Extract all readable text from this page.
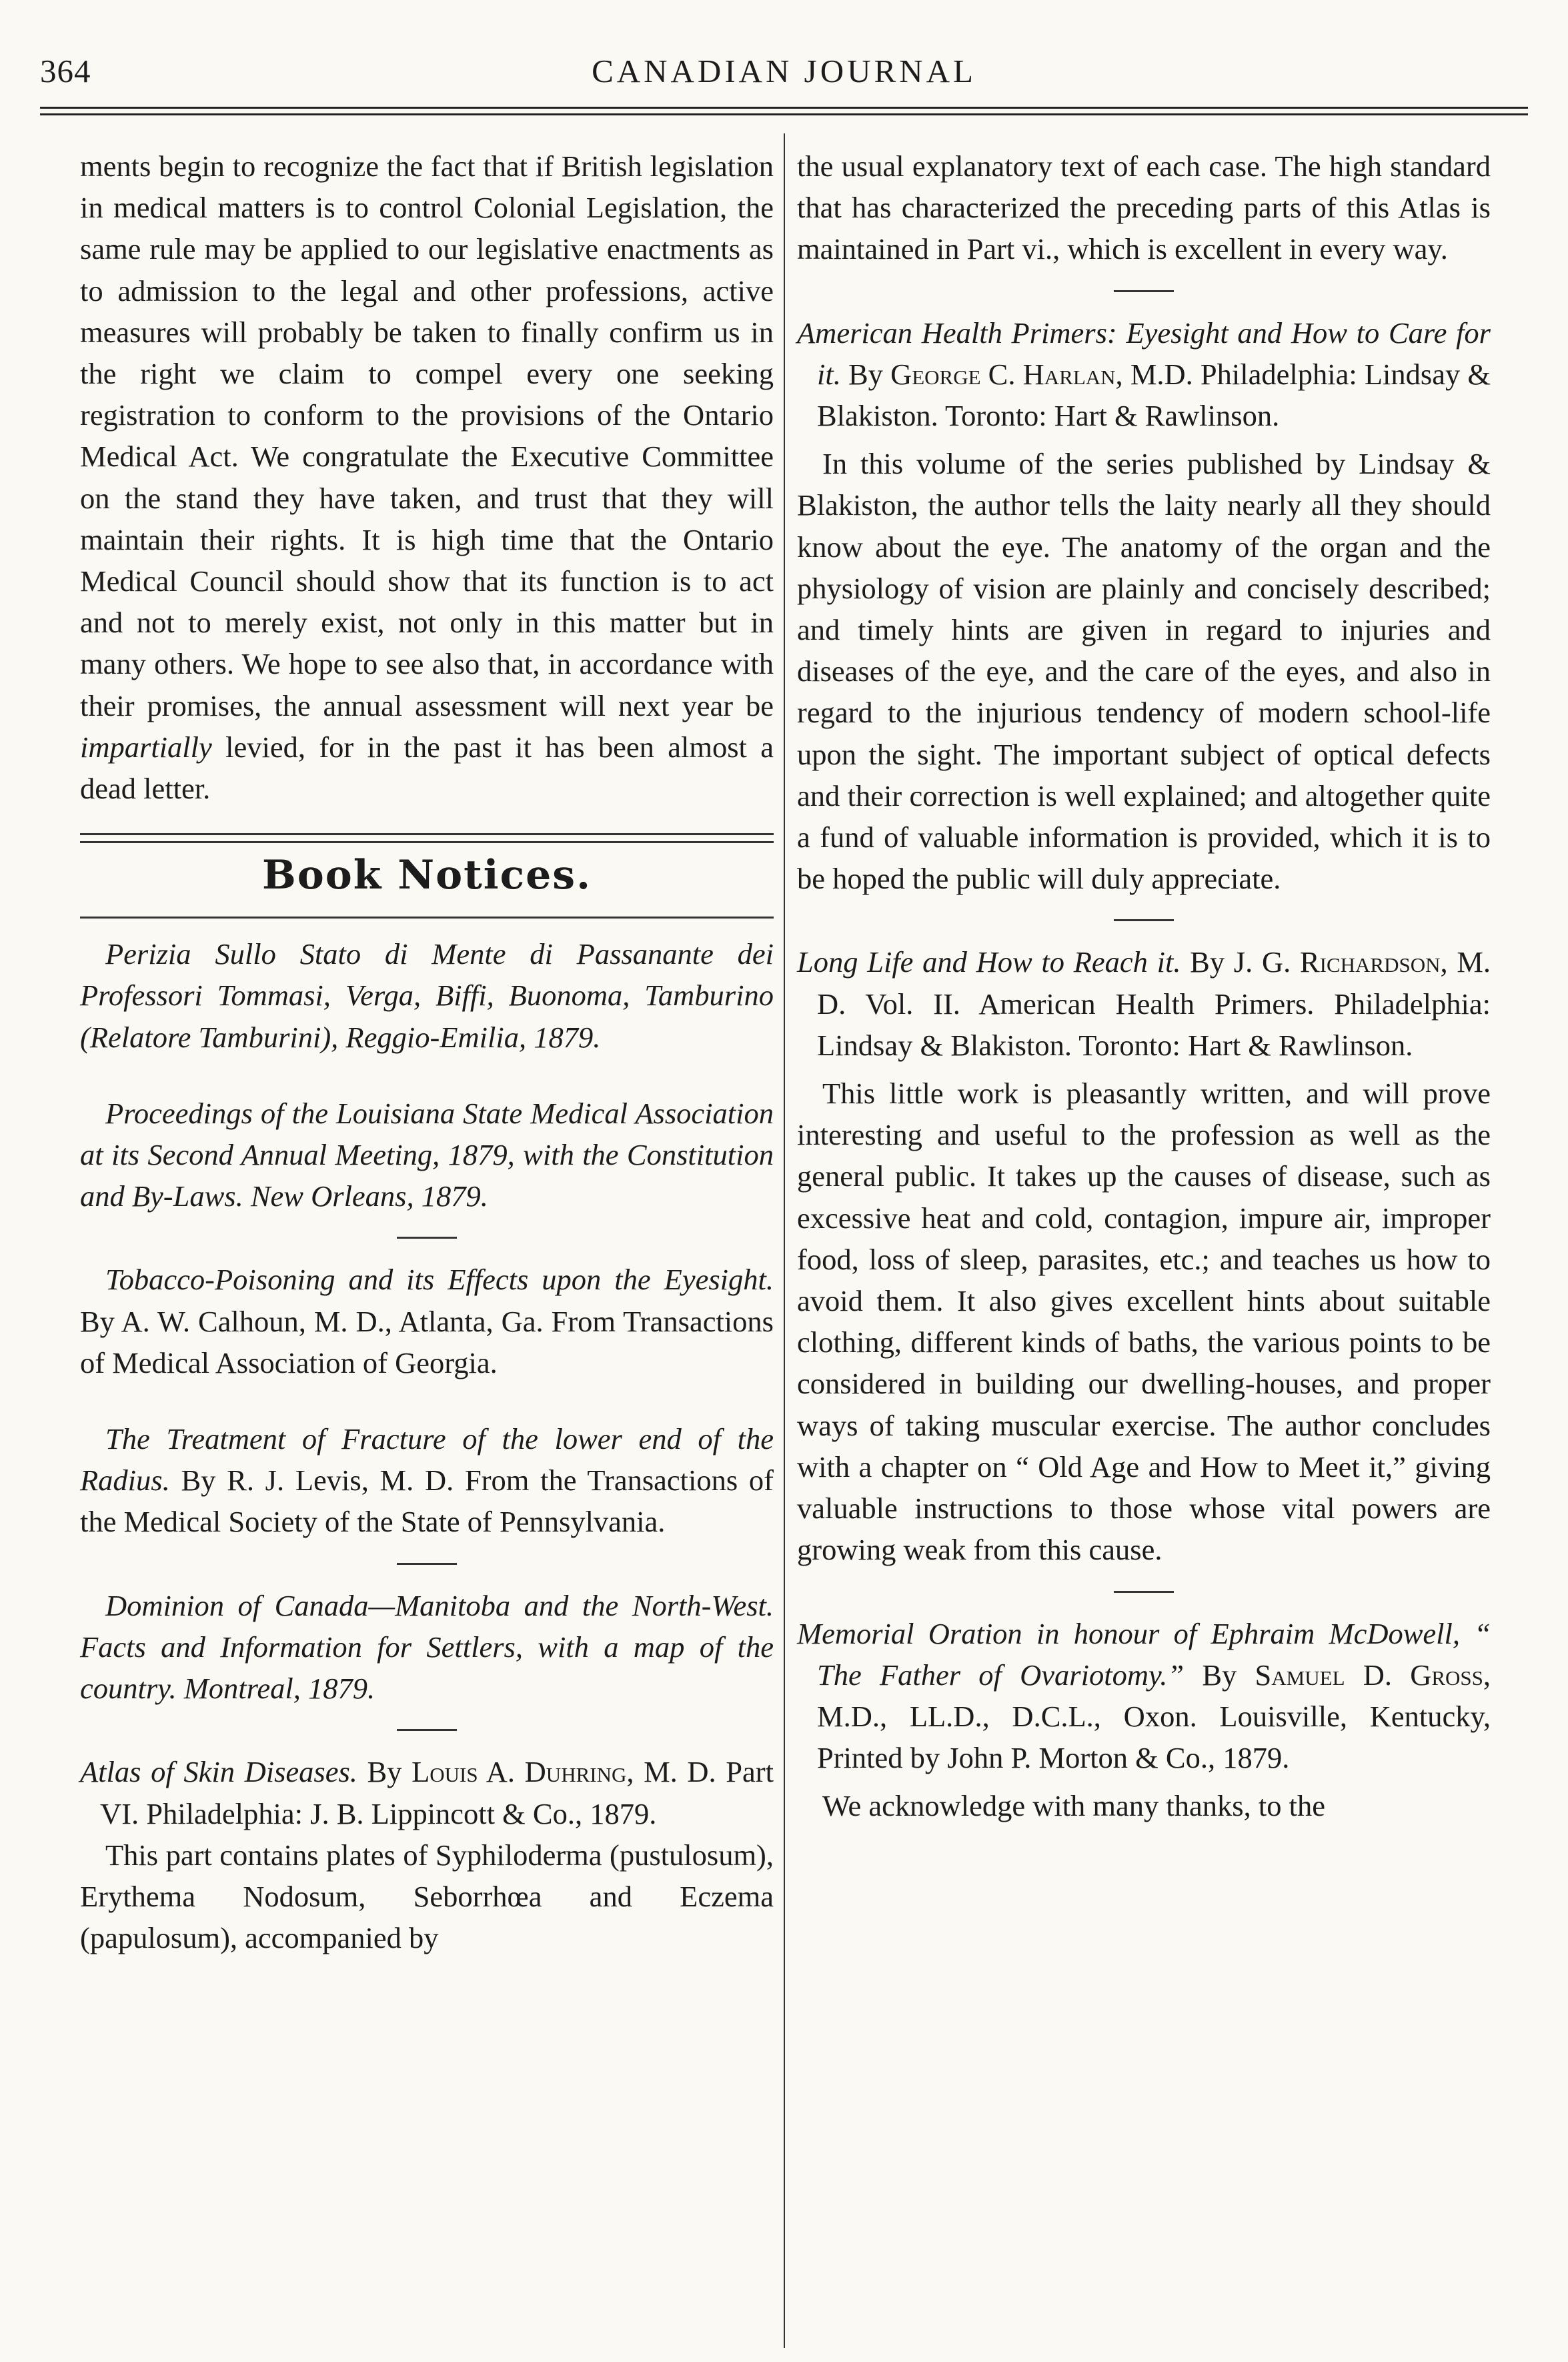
364	CANADIAN JOURNAL

ments begin to recognize the fact that if British legislation in medical matters is to control Colonial Legislation, the same rule may be applied to our legislative enactments as to admission to the legal and other professions, active measures will probably be taken to finally confirm us in the right we claim to compel every one seeking registration to conform to the provisions of the Ontario Medical Act. We congratulate the Executive Committee on the stand they have taken, and trust that they will maintain their rights. It is high time that the Ontario Medical Council should show that its function is to act and not to merely exist, not only in this matter but in many others. We hope to see also that, in accordance with their promises, the annual assessment will next year be impartially levied, for in the past it has been almost a dead letter.

Book Notices.

Perizia Sullo Stato di Mente di Passanante dei Professori Tommasi, Verga, Biffi, Buonoma, Tamburino (Relatore Tamburini), Reggio-Emilia, 1879.

Proceedings of the Louisiana State Medical Association at its Second Annual Meeting, 1879, with the Constitution and By-Laws. New Orleans, 1879.

Tobacco-Poisoning and its Effects upon the Eyesight. By A. W. Calhoun, M. D., Atlanta, Ga. From Transactions of Medical Association of Georgia.

The Treatment of Fracture of the lower end of the Radius. By R. J. Levis, M. D. From the Transactions of the Medical Society of the State of Pennsylvania.

Dominion of Canada—Manitoba and the North-West. Facts and Information for Settlers, with a map of the country. Montreal, 1879.

Atlas of Skin Diseases. By Louis A. Duhring, M. D. Part VI. Philadelphia: J. B. Lippincott & Co., 1879.

This part contains plates of Syphiloderma (pustulosum), Erythema Nodosum, Seborrhœa and Eczema (papulosum), accompanied by

the usual explanatory text of each case. The high standard that has characterized the preceding parts of this Atlas is maintained in Part vi., which is excellent in every way.

American Health Primers: Eyesight and How to Care for it. By George C. Harlan, M.D. Philadelphia: Lindsay & Blakiston. Toronto: Hart & Rawlinson.

In this volume of the series published by Lindsay & Blakiston, the author tells the laity nearly all they should know about the eye. The anatomy of the organ and the physiology of vision are plainly and concisely described; and timely hints are given in regard to injuries and diseases of the eye, and the care of the eyes, and also in regard to the injurious tendency of modern school-life upon the sight. The important subject of optical defects and their correction is well explained; and altogether quite a fund of valuable information is provided, which it is to be hoped the public will duly appreciate.

Long Life and How to Reach it. By J. G. Richardson, M. D. Vol. II. American Health Primers. Philadelphia: Lindsay & Blakiston. Toronto: Hart & Rawlinson.

This little work is pleasantly written, and will prove interesting and useful to the profession as well as the general public. It takes up the causes of disease, such as excessive heat and cold, contagion, impure air, improper food, loss of sleep, parasites, etc.; and teaches us how to avoid them. It also gives excellent hints about suitable clothing, different kinds of baths, the various points to be considered in building our dwelling-houses, and proper ways of taking muscular exercise. The author concludes with a chapter on “ Old Age and How to Meet it,” giving valuable instructions to those whose vital powers are growing weak from this cause.

Memorial Oration in honour of Ephraim McDowell, “ The Father of Ovariotomy.” By Samuel D. Gross, M.D., LL.D., D.C.L., Oxon. Louisville, Kentucky, Printed by John P. Morton & Co., 1879.

We acknowledge with many thanks, to the
